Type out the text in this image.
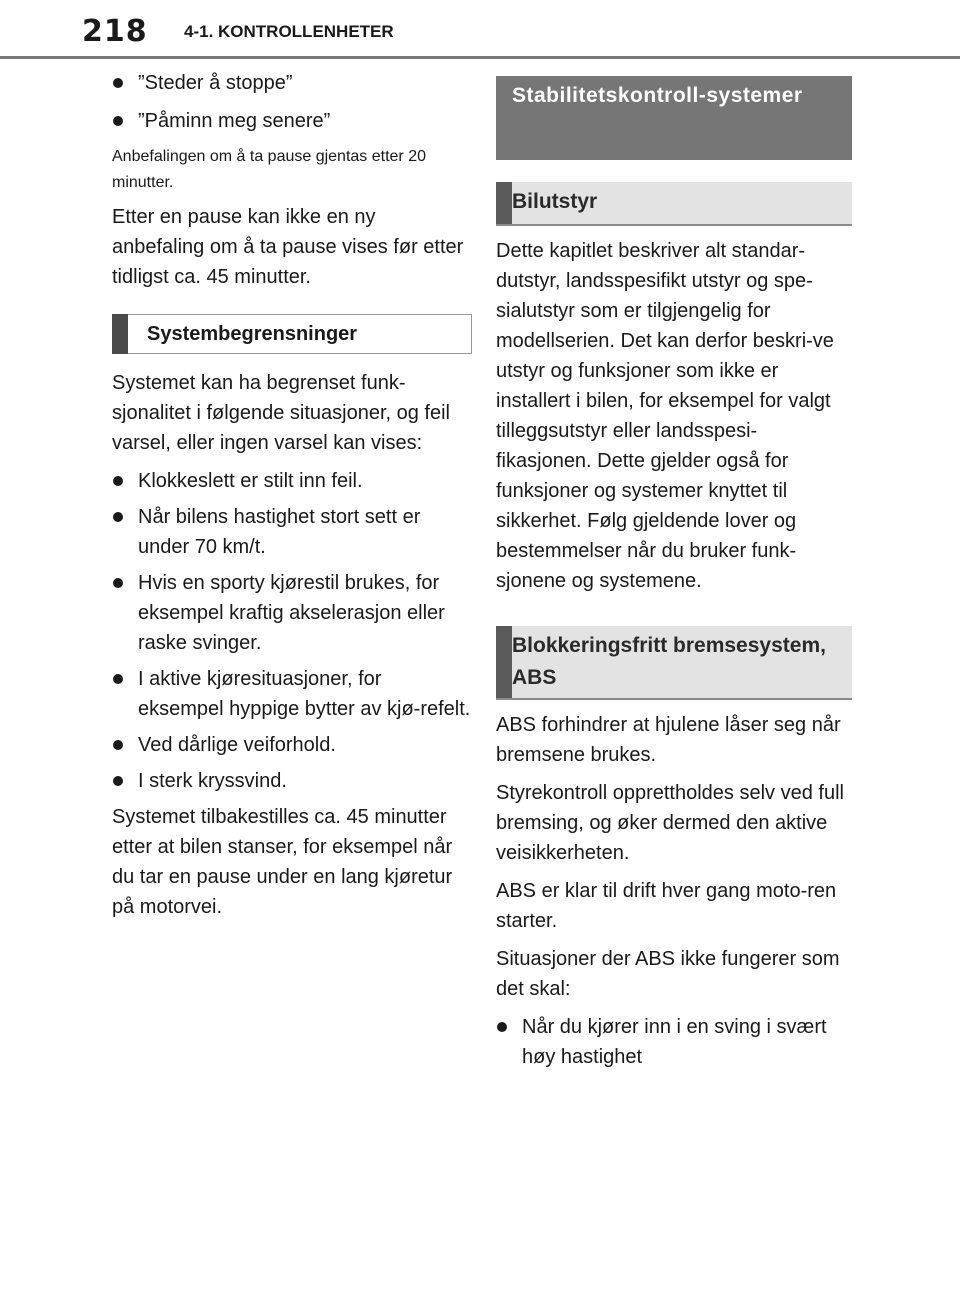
218 4-1. KONTROLLENHETER
”Steder å stoppe”
”Påminn meg senere”

Anbefalingen om å ta pause gjentas etter 20 minutter.

Etter en pause kan ikke en ny anbefaling om å ta pause vises før etter tidligst ca. 45 minutter.

Systembegrensninger

Systemet kan ha begrenset funk-sjonalitet i følgende situasjoner, og feil varsel, eller ingen varsel kan vises:

Klokkeslett er stilt inn feil.
Når bilens hastighet stort sett er under 70 km/t.
Hvis en sporty kjørestil brukes, for eksempel kraftig akselerasjon eller raske svinger.
I aktive kjøresituasjoner, for eksempel hyppige bytter av kjø-refelt.
Ved dårlige veiforhold.
I sterk kryssvind.

Systemet tilbakestilles ca. 45 minutter etter at bilen stanser, for eksempel når du tar en pause under en lang kjøretur på motorvei.

Stabilitetskontroll-systemer
Bilutstyr

Dette kapitlet beskriver alt standar-dutstyr, landsspesifikt utstyr og spe-sialutstyr som er tilgjengelig for modellserien. Det kan derfor beskri-ve utstyr og funksjoner som ikke er installert i bilen, for eksempel for valgt tilleggsutstyr eller landsspesi-fikasjonen. Dette gjelder også for funksjoner og systemer knyttet til sikkerhet. Følg gjeldende lover og bestemmelser når du bruker funk-sjonene og systemene.

Blokkeringsfritt bremsesystem, ABS

ABS forhindrer at hjulene låser seg når bremsene brukes.

Styrekontroll opprettholdes selv ved full bremsing, og øker dermed den aktive veisikkerheten.

ABS er klar til drift hver gang moto-ren starter.

Situasjoner der ABS ikke fungerer som det skal:

Når du kjører inn i en sving i svært høy hastighet
